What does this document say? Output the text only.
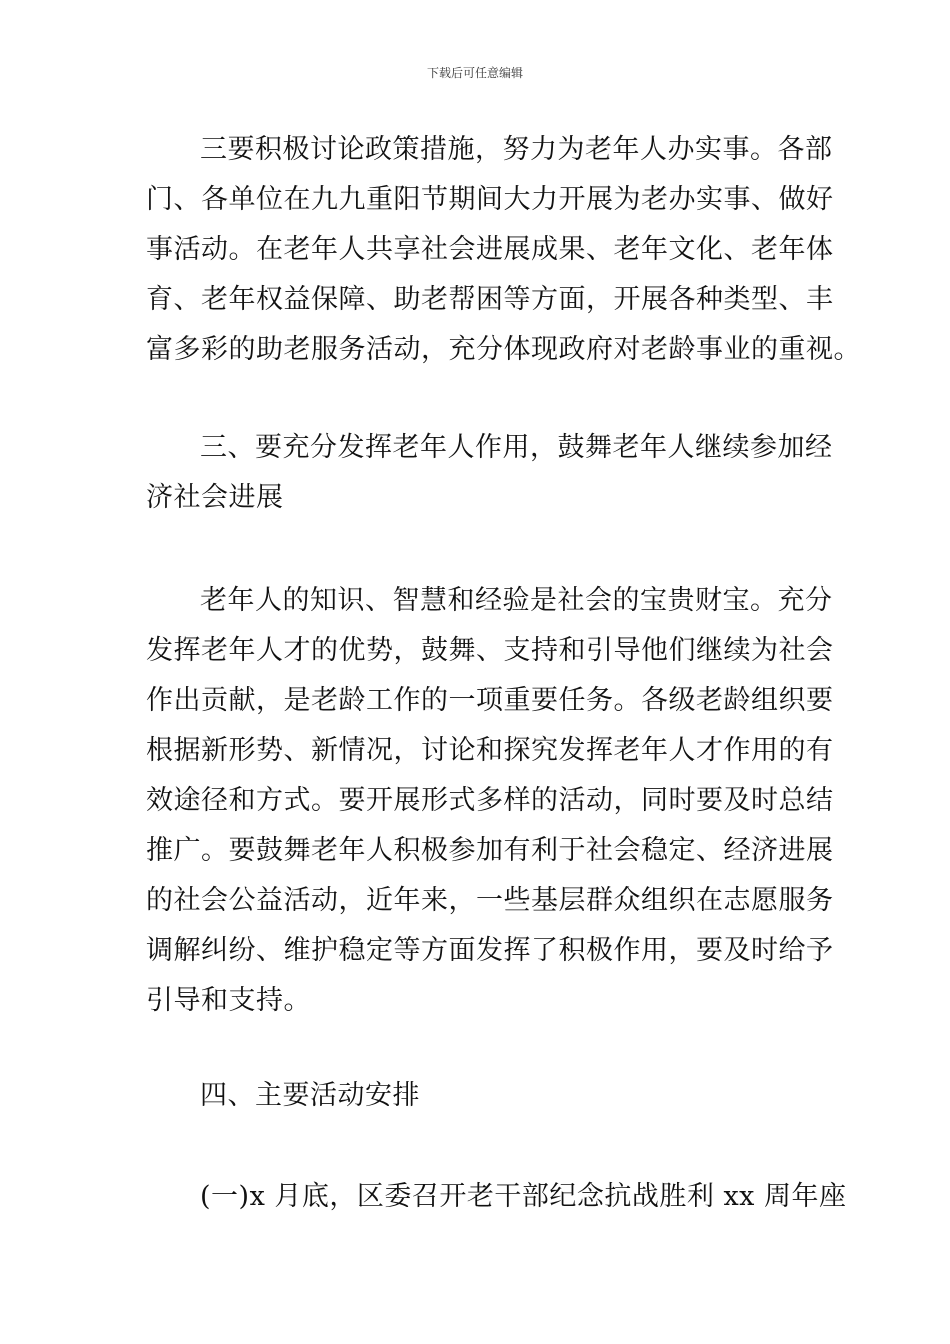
下载后可任意编辑

三要积极讨论政策措施，努力为老年人办实事。各部
门、各单位在九九重阳节期间大力开展为老办实事、做好
事活动。在老年人共享社会进展成果、老年文化、老年体
育、老年权益保障、助老帮困等方面，开展各种类型、丰
富多彩的助老服务活动，充分体现政府对老龄事业的重视。

三、要充分发挥老年人作用，鼓舞老年人继续参加经
济社会进展

老年人的知识、智慧和经验是社会的宝贵财宝。充分
发挥老年人才的优势，鼓舞、支持和引导他们继续为社会
作出贡献，是老龄工作的一项重要任务。各级老龄组织要
根据新形势、新情况，讨论和探究发挥老年人才作用的有
效途径和方式。要开展形式多样的活动，同时要及时总结
推广。要鼓舞老年人积极参加有利于社会稳定、经济进展
的社会公益活动，近年来，一些基层群众组织在志愿服务
调解纠纷、维护稳定等方面发挥了积极作用，要及时给予
引导和支持。

四、主要活动安排

(一)x 月底，区委召开老干部纪念抗战胜利 xx 周年座
